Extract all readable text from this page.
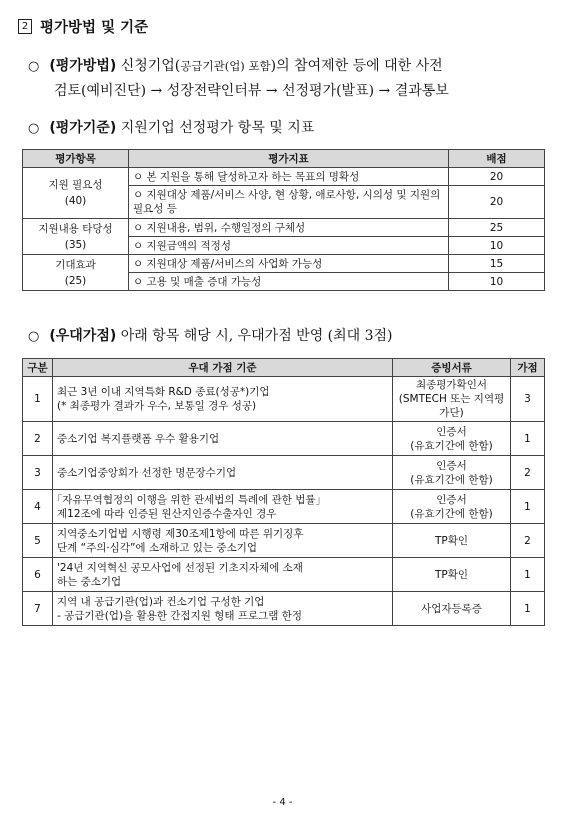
2 평가방법 및 기준
○ (평가방법) 신청기업(공급기관(업) 포함)의 참여제한 등에 대한 사전
검토(예비진단) → 성장전략인터뷰 → 선정평가(발표) → 결과통보
○ (평가기준) 지원기업 선정평가 항목 및 지표
평가항목	평가지표	배점
지원 필요성
(40)	ㅇ 본 지원을 통해 달성하고자 하는 목표의 명확성	20
	ㅇ 지원대상 제품/서비스 사양, 현 상황, 애로사항, 시의성 및 지원의 필요성 등	20
지원내용 타당성
(35)	ㅇ 지원내용, 범위, 수행일정의 구체성	25
	ㅇ 지원금액의 적정성	10
기대효과
(25)	ㅇ 지원대상 제품/서비스의 사업화 가능성	15
	ㅇ 고용 및 매출 증대 가능성	10
○ (우대가점) 아래 항목 해당 시, 우대가점 반영 (최대 3점)
구분	우대 가점 기준	증빙서류	가점
1	최근 3년 이내 지역특화 R&D 종료(성공*)기업
(* 최종평가 결과가 우수, 보통일 경우 성공)	최종평가확인서
(SMTECH 또는 지역평가단)	3
2	중소기업 복지플랫폼 우수 활용기업	인증서
(유효기간에 한함)	1
3	중소기업중앙회가 선정한 명문장수기업	인증서
(유효기간에 한함)	2
4	｢자유무역협정의 이행을 위한 관세법의 특례에 관한 법률｣
제12조에 따라 인증된 원산지인증수출자인 경우	인증서
(유효기간에 한함)	1
5	지역중소기업법 시행령 제30조제1항에 따른 위기징후
단계 “주의·심각”에 소재하고 있는 중소기업	TP확인	2
6	'24년 지역혁신 공모사업에 선정된 기초지자체에 소재
하는 중소기업	TP확인	1
7	지역 내 공급기관(업)과 컨소기업 구성한 기업
- 공급기관(업)을 활용한 간접지원 형태 프로그램 한정	사업자등록증	1
- 4 -
